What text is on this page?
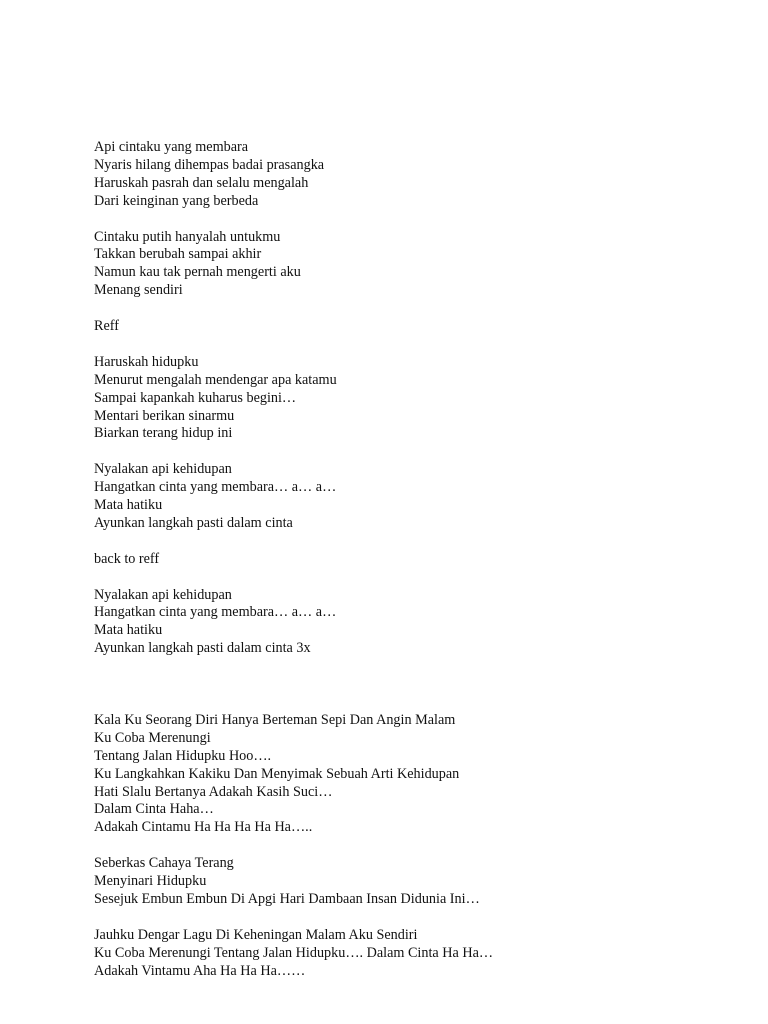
Api cintaku yang membara
Nyaris hilang dihempas badai prasangka
Haruskah pasrah dan selalu mengalah
Dari keinginan yang berbeda
Cintaku putih hanyalah untukmu
Takkan berubah sampai akhir
Namun kau tak pernah mengerti aku
Menang sendiri
Reff
Haruskah hidupku
Menurut mengalah mendengar apa katamu
Sampai kapankah kuharus begini…
Mentari berikan sinarmu
Biarkan terang hidup ini
Nyalakan api kehidupan
Hangatkan cinta yang membara… a… a…
Mata hatiku
Ayunkan langkah pasti dalam cinta
back to reff
Nyalakan api kehidupan
Hangatkan cinta yang membara… a… a…
Mata hatiku
Ayunkan langkah pasti dalam cinta 3x
Kala Ku Seorang Diri Hanya Berteman Sepi Dan Angin Malam
Ku Coba Merenungi
Tentang Jalan Hidupku Hoo….
Ku Langkahkan Kakiku Dan Menyimak Sebuah Arti Kehidupan
Hati Slalu Bertanya Adakah Kasih Suci…
Dalam Cinta Haha…
Adakah Cintamu Ha Ha Ha Ha Ha…..
Seberkas Cahaya Terang
Menyinari Hidupku
Sesejuk Embun Embun Di Apgi Hari Dambaan Insan Didunia Ini…
Jauhku Dengar Lagu Di Keheningan Malam Aku Sendiri
Ku Coba Merenungi Tentang Jalan Hidupku…. Dalam Cinta Ha Ha…
Adakah Vintamu Aha Ha Ha Ha……
